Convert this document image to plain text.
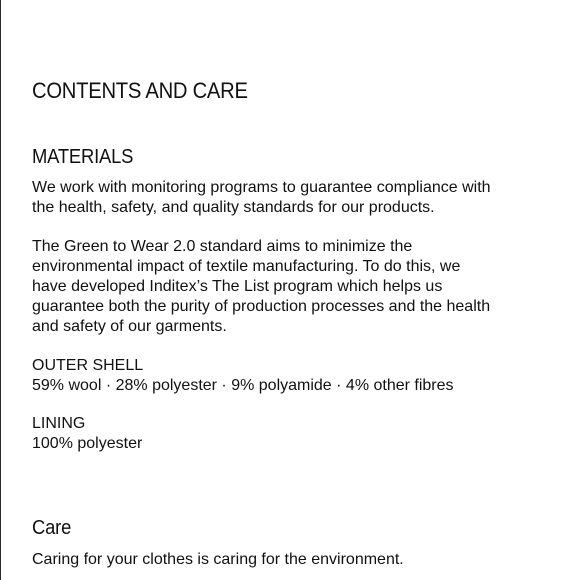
CONTENTS AND CARE
MATERIALS

We work with monitoring programs to guarantee compliance with
the health, safety, and quality standards for our products.

The Green to Wear 2.0 standard aims to minimize the
environmental impact of textile manufacturing. To do this, we
have developed Inditex’s The List program which helps us
guarantee both the purity of production processes and the health
and safety of our garments.

OUTER SHELL
59% wool · 28% polyester · 9% polyamide · 4% other fibres
LINING
100% polyester
Care

Caring for your clothes is caring for the environment.
